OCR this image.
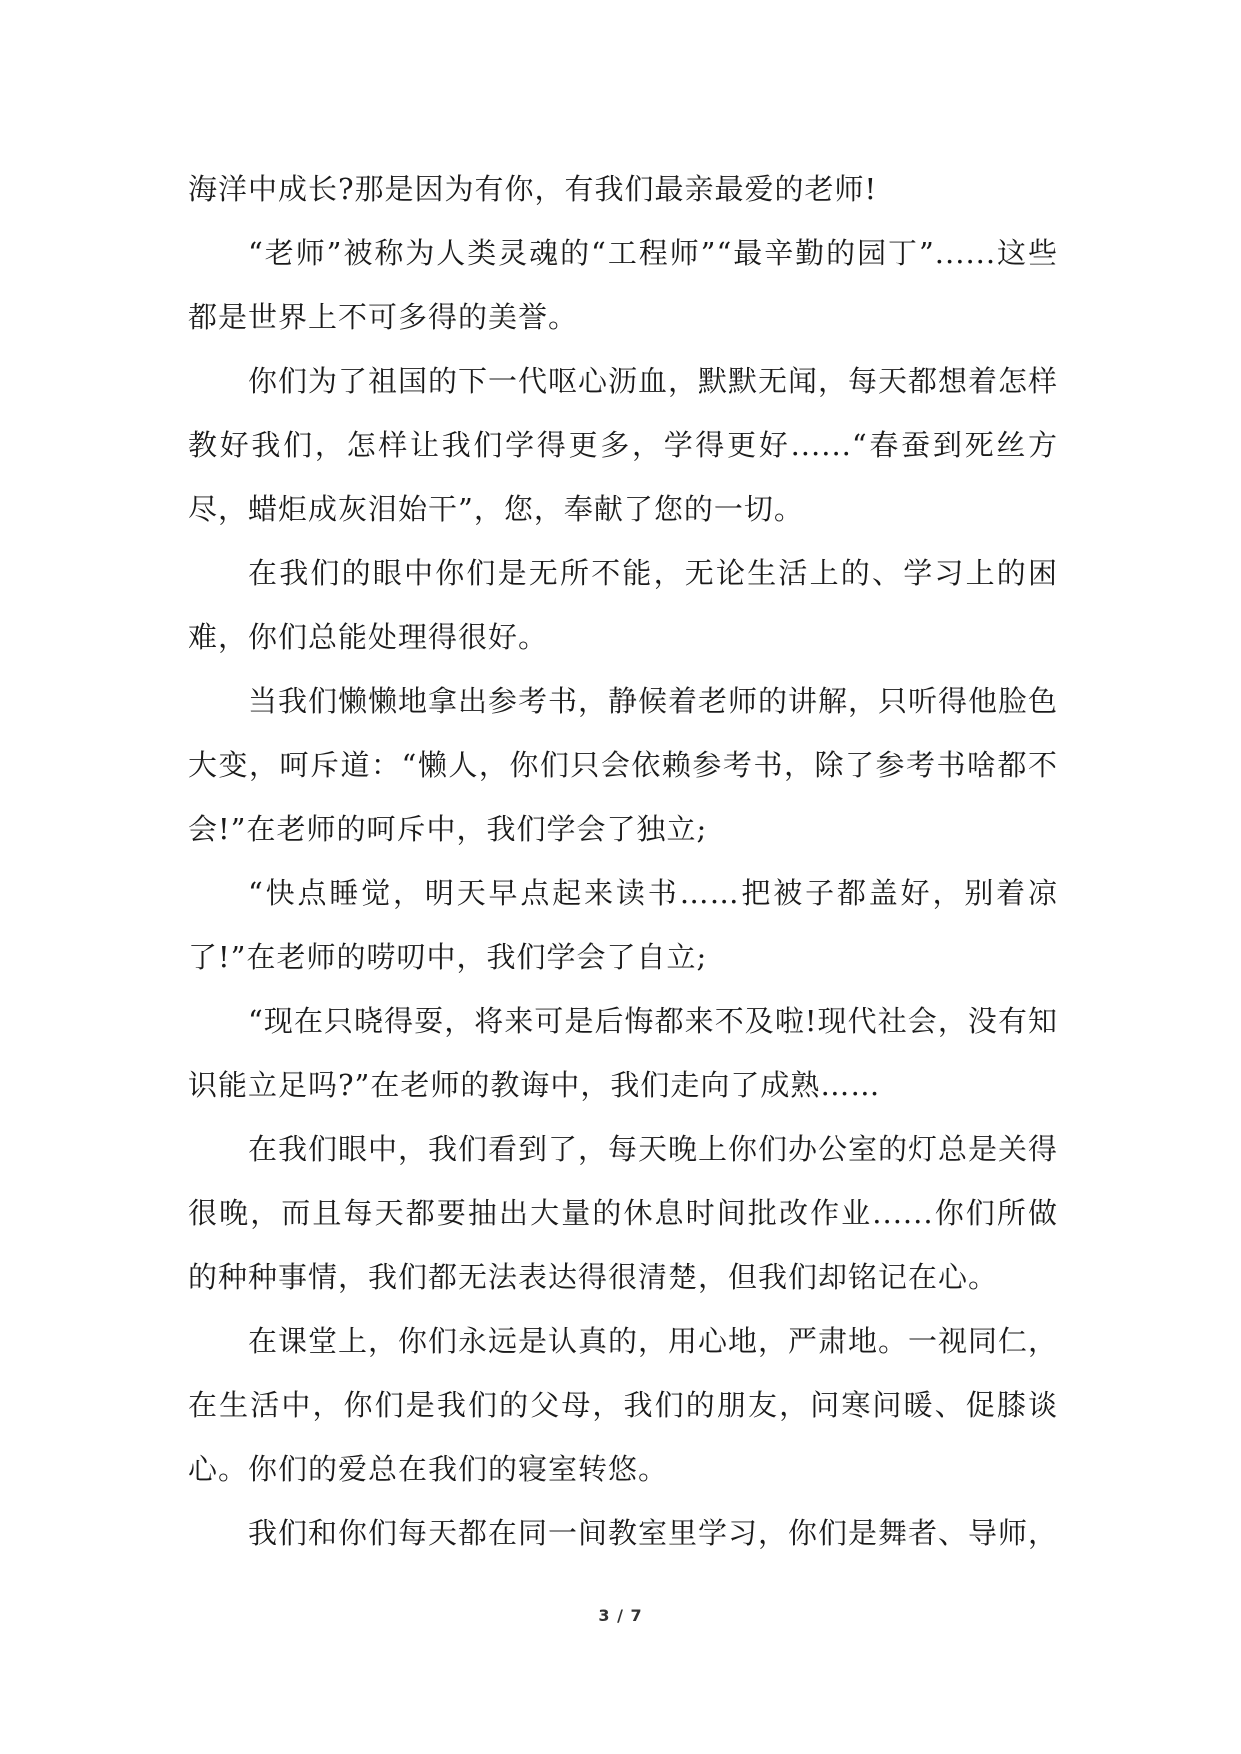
海洋中成长?那是因为有你，有我们最亲最爱的老师!

“老师”被称为人类灵魂的“工程师”“最辛勤的园丁”......这些都是世界上不可多得的美誉。

你们为了祖国的下一代呕心沥血，默默无闻，每天都想着怎样教好我们，怎样让我们学得更多，学得更好......“春蚕到死丝方尽，蜡炬成灰泪始干”，您，奉献了您的一切。

在我们的眼中你们是无所不能，无论生活上的、学习上的困难，你们总能处理得很好。

当我们懒懒地拿出参考书，静候着老师的讲解，只听得他脸色大变，呵斥道：“懒人，你们只会依赖参考书，除了参考书啥都不会!”在老师的呵斥中，我们学会了独立;

“快点睡觉，明天早点起来读书……把被子都盖好，别着凉了!”在老师的唠叨中，我们学会了自立;

“现在只晓得耍，将来可是后悔都来不及啦!现代社会，没有知识能立足吗?”在老师的教诲中，我们走向了成熟……

在我们眼中，我们看到了，每天晚上你们办公室的灯总是关得很晚，而且每天都要抽出大量的休息时间批改作业......你们所做的种种事情，我们都无法表达得很清楚，但我们却铭记在心。

在课堂上，你们永远是认真的，用心地，严肃地。一视同仁，在生活中，你们是我们的父母，我们的朋友，问寒问暖、促膝谈心。你们的爱总在我们的寝室转悠。

我们和你们每天都在同一间教室里学习，你们是舞者、导师，

3 / 7
